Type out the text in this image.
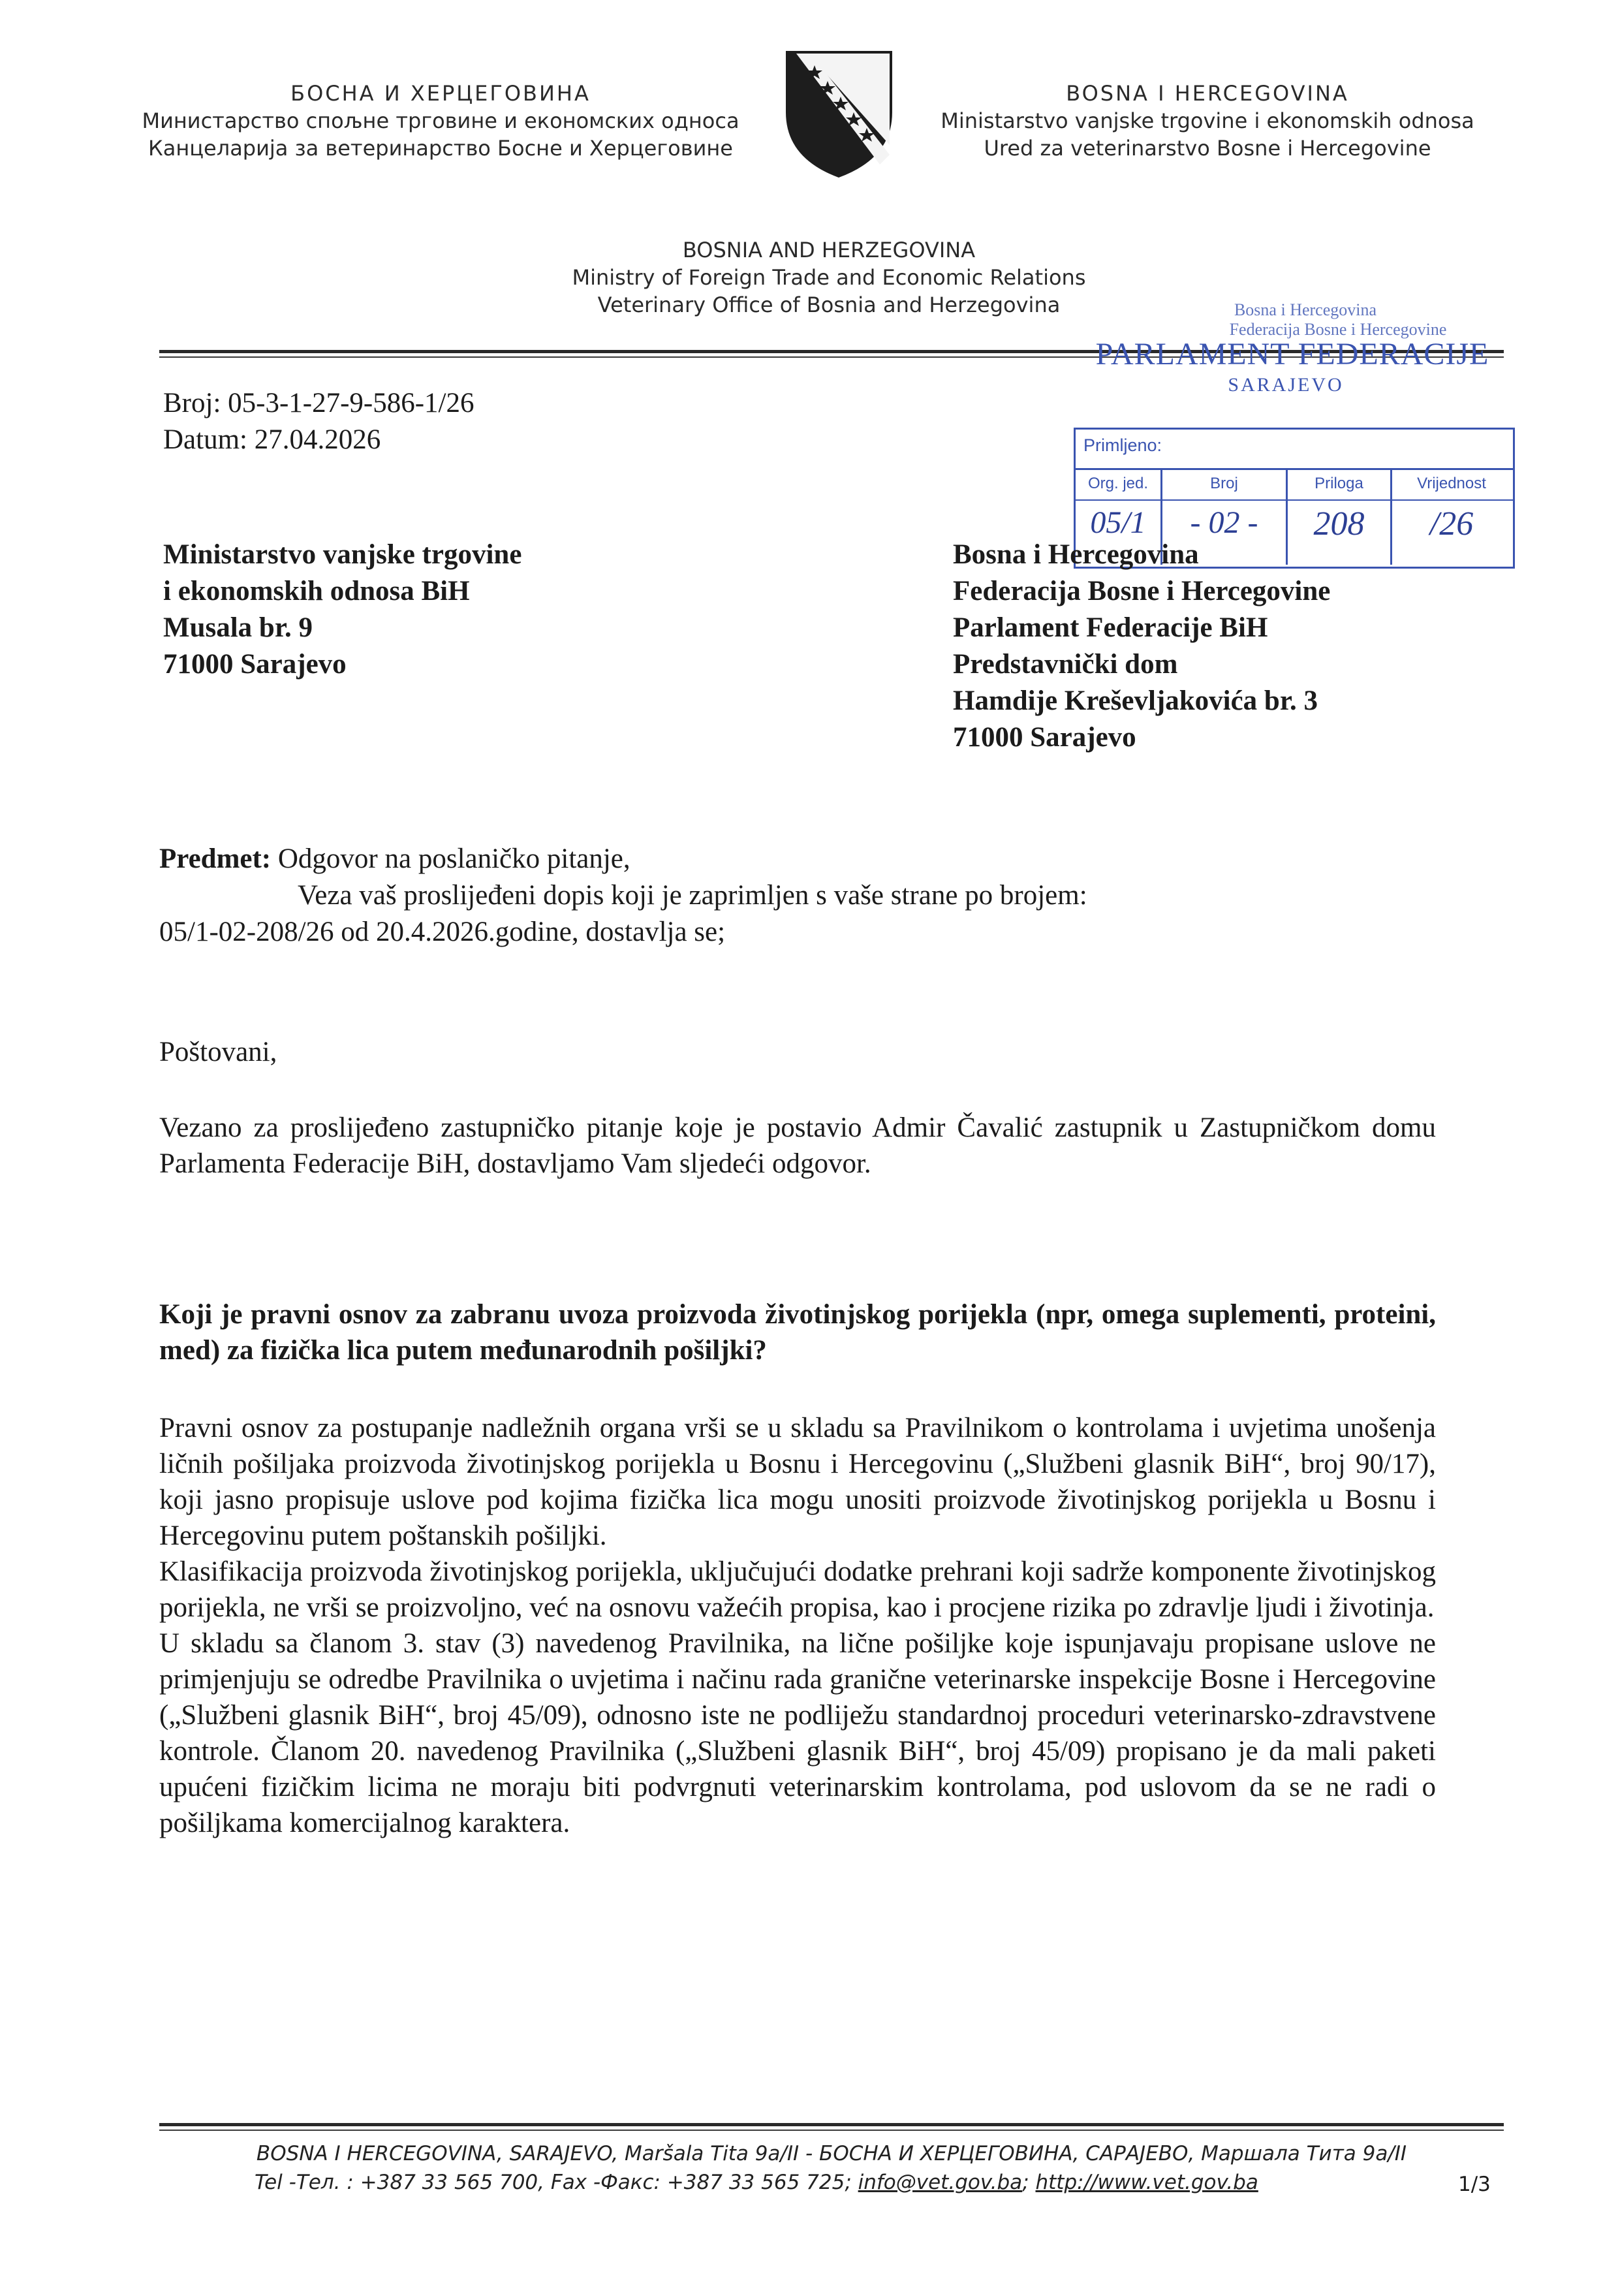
БОСНА И ХЕРЦЕГОВИНА
Министарство спољне трговине и економских односа
Канцеларија за ветеринарство Босне и Херцеговине
BOSNA I HERCEGOVINA
Ministarstvo vanjske trgovine i ekonomskih odnosa
Ured za veterinarstvo Bosne i Hercegovine
BOSNIA AND HERZEGOVINA
Ministry of Foreign Trade and Economic Relations
Veterinary Office of Bosnia and Herzegovina
Broj: 05-3-1-27-9-586-1/26
Datum: 27.04.2026
Bosna i Hercegovina
Federacija Bosne i Hercegovine
PARLAMENT FEDERACIJE
SARAJEVO
Primljeno:
Org. jed.	Broj	Priloga	Vrijednost
05/1	- 02 -	208	/26
Ministarstvo vanjske trgovine
i ekonomskih odnosa BiH
Musala br. 9
71000 Sarajevo
Bosna i Hercegovina
Federacija Bosne i Hercegovine
Parlament Federacije BiH
Predstavnički dom
Hamdije Kreševljakovića br. 3
71000 Sarajevo
Predmet: Odgovor na poslaničko pitanje,
Veza vaš proslijeđeni dopis koji je zaprimljen s vaše strane po brojem:
05/1-02-208/26 od 20.4.2026.godine, dostavlja se;
Poštovani,

Vezano za proslijeđeno zastupničko pitanje koje je postavio Admir Čavalić zastupnik u Zastupničkom domu Parlamenta Federacije BiH, dostavljamo Vam sljedeći odgovor.

Koji je pravni osnov za zabranu uvoza proizvoda životinjskog porijekla (npr, omega suplementi, proteini, med) za fizička lica putem međunarodnih pošiljki?

Pravni osnov za postupanje nadležnih organa vrši se u skladu sa Pravilnikom o kontrolama i uvjetima unošenja ličnih pošiljaka proizvoda životinjskog porijekla u Bosnu i Hercegovinu („Službeni glasnik BiH“, broj 90/17), koji jasno propisuje uslove pod kojima fizička lica mogu unositi proizvode životinjskog porijekla u Bosnu i Hercegovinu putem poštanskih pošiljki.

Klasifikacija proizvoda životinjskog porijekla, uključujući dodatke prehrani koji sadrže komponente životinjskog porijekla, ne vrši se proizvoljno, već na osnovu važećih propisa, kao i procjene rizika po zdravlje ljudi i životinja.

U skladu sa članom 3. stav (3) navedenog Pravilnika, na lične pošiljke koje ispunjavaju propisane uslove ne primjenjuju se odredbe Pravilnika o uvjetima i načinu rada granične veterinarske inspekcije Bosne i Hercegovine („Službeni glasnik BiH“, broj 45/09), odnosno iste ne podliježu standardnoj proceduri veterinarsko-zdravstvene kontrole. Članom 20. navedenog Pravilnika („Službeni glasnik BiH“, broj 45/09) propisano je da mali paketi upućeni fizičkim licima ne moraju biti podvrgnuti veterinarskim kontrolama, pod uslovom da se ne radi o pošiljkama komercijalnog karaktera.

BOSNA I HERCEGOVINA, SARAJEVO, Maršala Tita 9a/II - БОСНА И ХЕРЦЕГОВИНА, САРАЈЕВО, Маршала Тита 9a/II
Tel -Тел. : +387 33 565 700, Fax -Факс: +387 33 565 725; info@vet.gov.ba; http://www.vet.gov.ba	1/3
